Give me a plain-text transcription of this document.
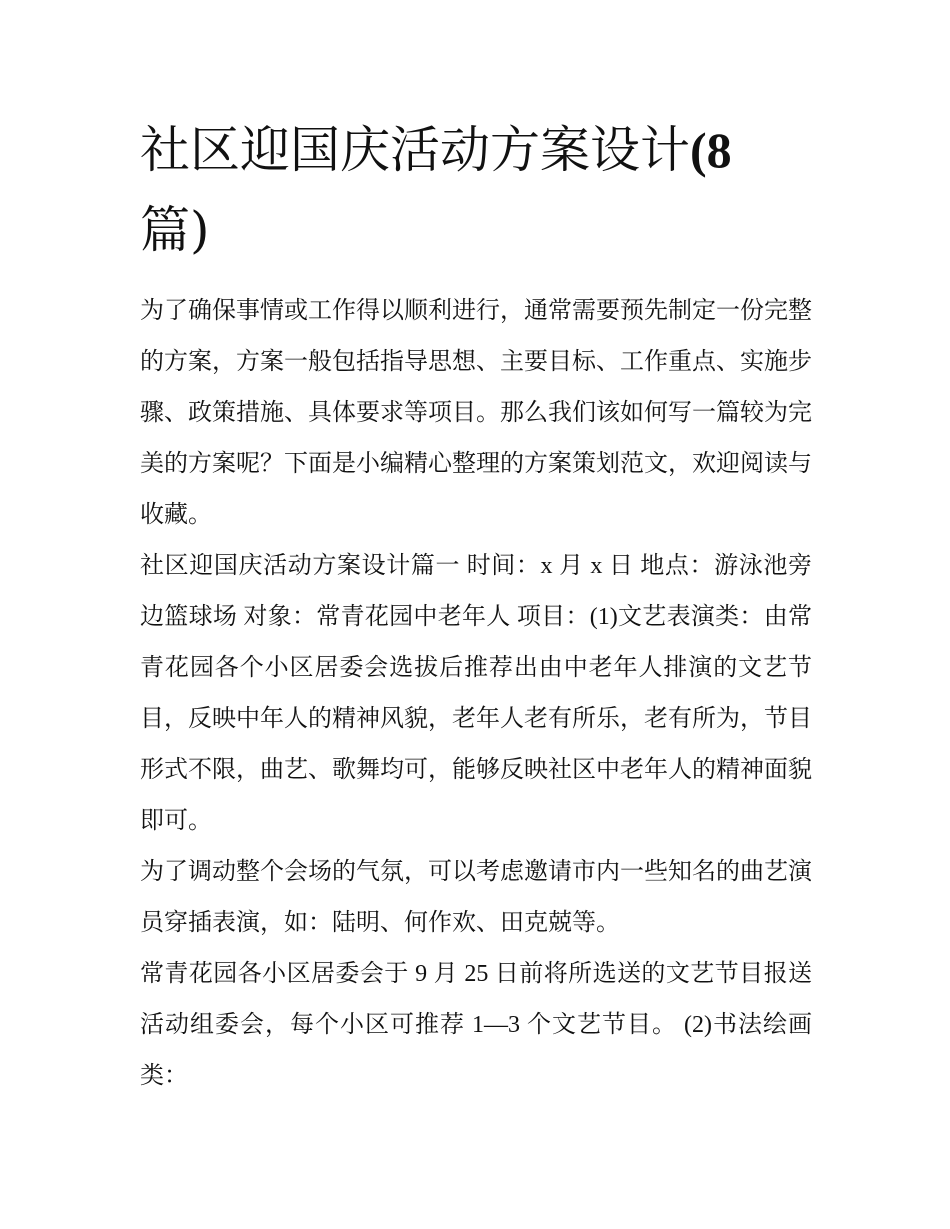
社区迎国庆活动方案设计(8
篇)

为了确保事情或工作得以顺利进行，通常需要预先制定一份完整的方案，方案一般包括指导思想、主要目标、工作重点、实施步骤、政策措施、具体要求等项目。那么我们该如何写一篇较为完美的方案呢？下面是小编精心整理的方案策划范文，欢迎阅读与收藏。

社区迎国庆活动方案设计篇一 时间：x 月 x 日 地点：游泳池旁边篮球场 对象：常青花园中老年人 项目：(1)文艺表演类：由常青花园各个小区居委会选拔后推荐出由中老年人排演的文艺节目，反映中年人的精神风貌，老年人老有所乐，老有所为，节目形式不限，曲艺、歌舞均可，能够反映社区中老年人的精神面貌即可。

为了调动整个会场的气氛，可以考虑邀请市内一些知名的曲艺演员穿插表演，如：陆明、何作欢、田克兢等。

常青花园各小区居委会于 9 月 25 日前将所选送的文艺节目报送活动组委会，每个小区可推荐 1—3 个文艺节目。 (2)书法绘画类：
